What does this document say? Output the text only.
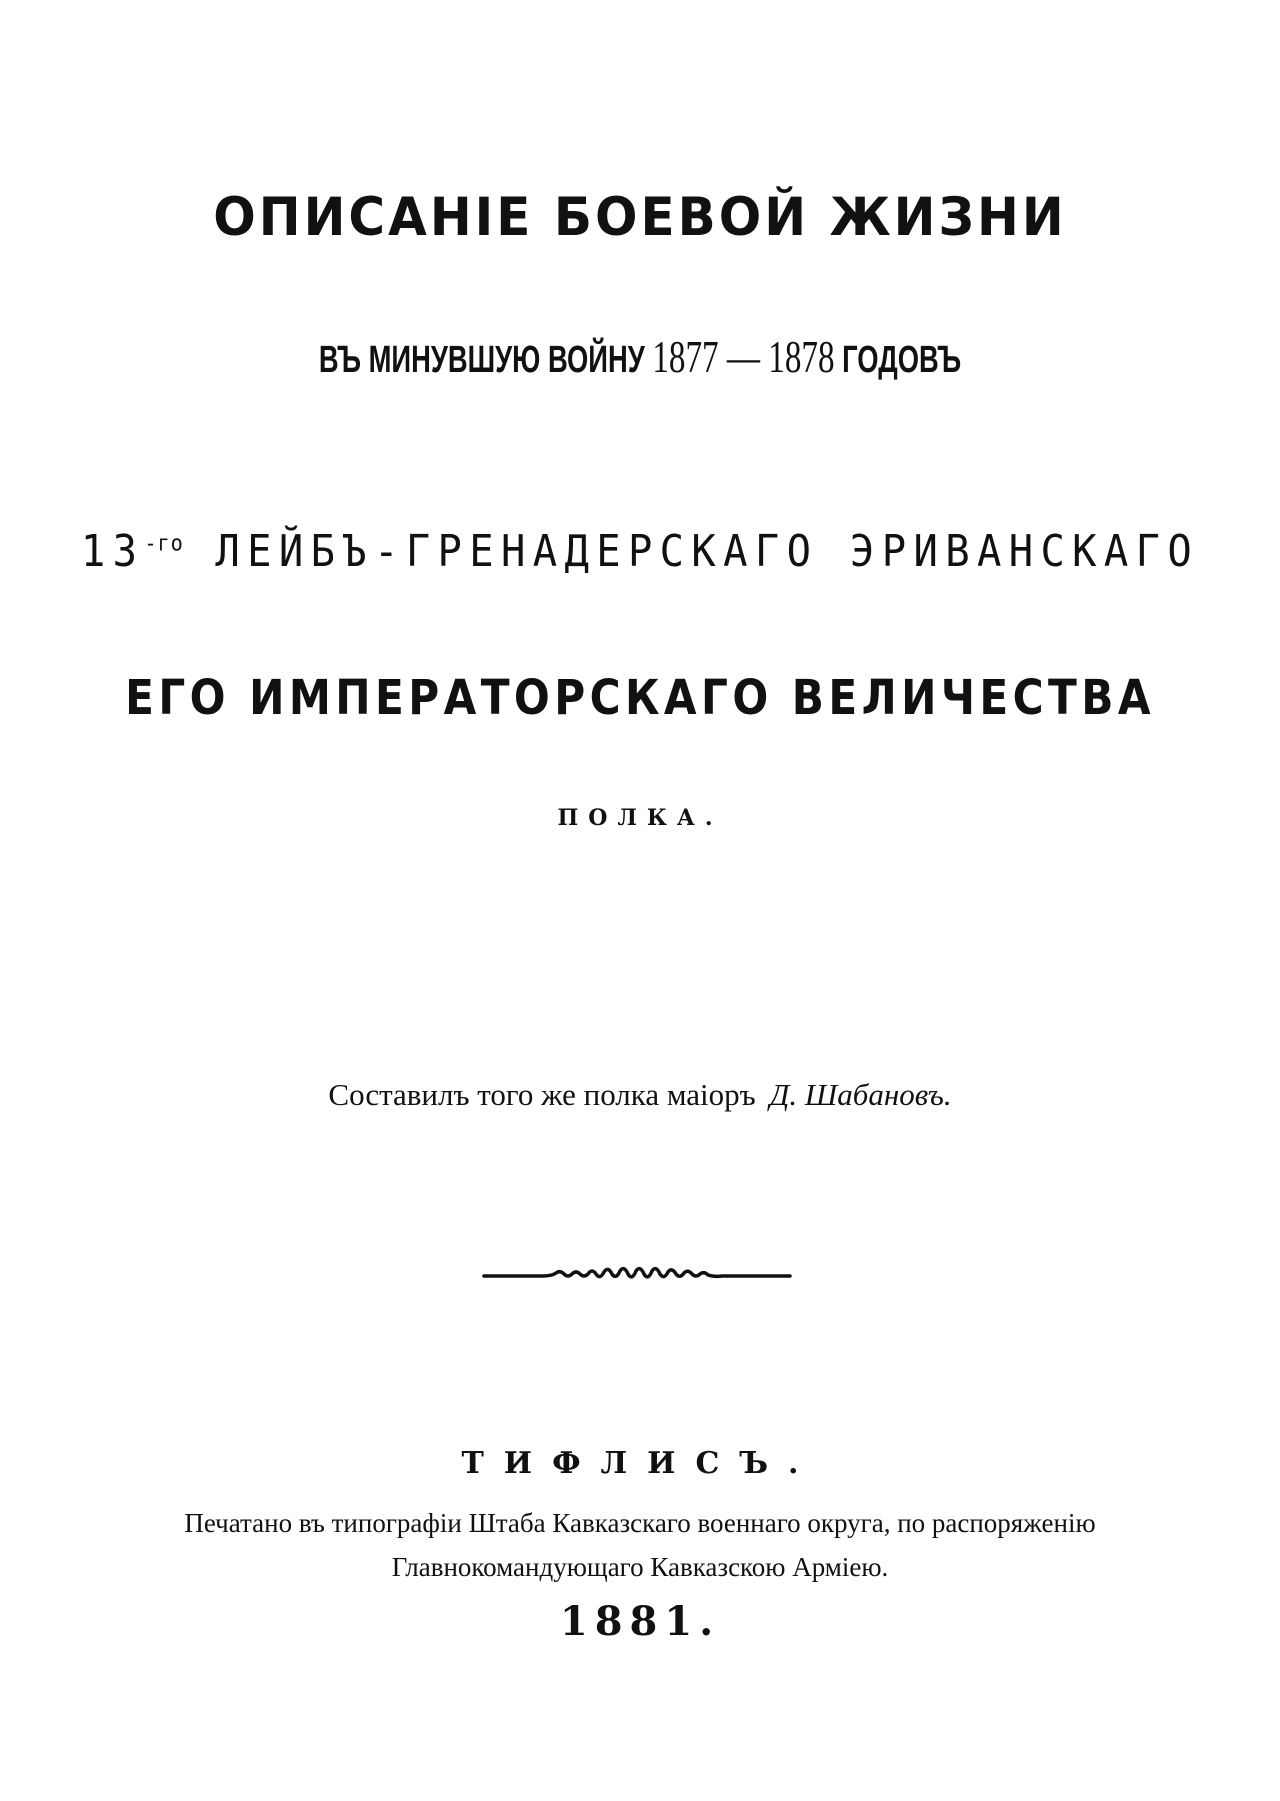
ОПИСАНІЕ БОЕВОЙ ЖИЗНИ
ВЪ МИНУВШУЮ ВОЙНУ 1877 — 1878 ГОДОВЪ
$13^{-го}$ ЛЕЙБЪ-ГРЕНАДЕРСКАГО ЭРИВАНСКАГО
ЕГО ИМПЕРАТОРСКАГО ВЕЛИЧЕСТВА
ПОЛКА.
Составилъ того же полка маіоръ Д. Шабановъ.
ТИФЛИСЪ.
Печатано въ типографіи Штаба Кавказскаго военнаго округа, по распоряженію
Главнокомандующаго Кавказскою Арміею.
1881.
